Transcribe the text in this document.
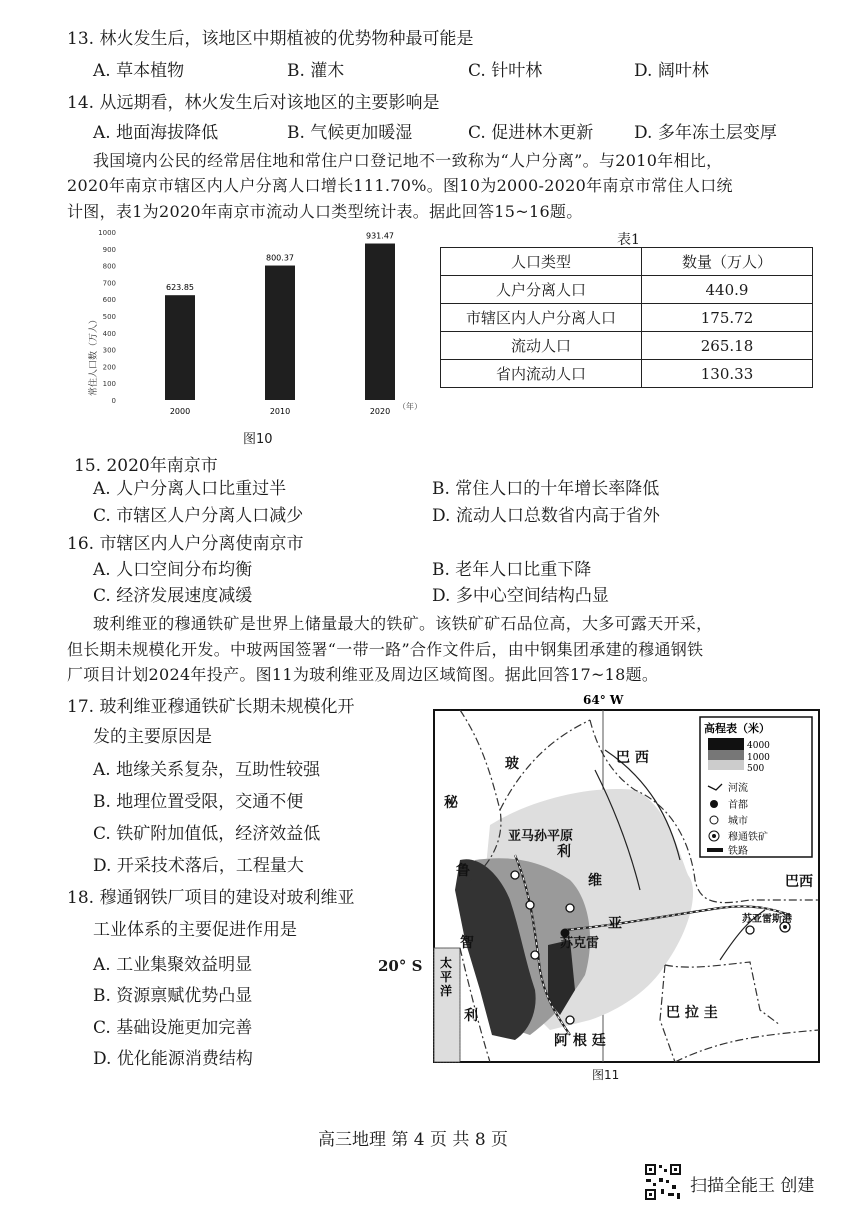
13. 林火发生后，该地区中期植被的优势物种最可能是
A. 草本植物	B. 灌木	C. 针叶林	D. 阔叶林
14. 从远期看，林火发生后对该地区的主要影响是
A. 地面海拔降低	B. 气候更加暖湿	C. 促进林木更新 D. 多年冻土层变厚
我国境内公民的经常居住地和常住户口登记地不一致称为“人户分离”。与2010年相比，
2020年南京市辖区内人户分离人口增长111.70%。图10为2000-2020年南京市常住人口统
计图，表1为2020年南京市流动人口类型统计表。据此回答15~16题。
0
100
200
300
400
500
600
700
800
900
1000
623.85
800.37
931.47
2000	2010	2020
（年）
常住人口数（万人）
图10
表1
人口类型	数量（万人）
人户分离人口	440.9
市辖区内人户分离人口	175.72
流动人口	265.18
省内流动人口	130.33
15. 2020年南京市
A. 人户分离人口比重过半	B. 常住人口的十年增长率降低
C. 市辖区人户分离人口减少	D. 流动人口总数省内高于省外
16. 市辖区内人户分离使南京市
A. 人口空间分布均衡	B. 老年人口比重下降
C. 经济发展速度减缓	D. 多中心空间结构凸显
玻利维亚的穆通铁矿是世界上储量最大的铁矿。该铁矿矿石品位高，大多可露天开采，
但长期未规模化开发。中玻两国签署“一带一路”合作文件后，由中钢集团承建的穆通钢铁
厂项目计划2024年投产。图11为玻利维亚及周边区域简图。据此回答17~18题。
17. 玻利维亚穆通铁矿长期未规模化开
发的主要原因是
A. 地缘关系复杂，互助性较强
B. 地理位置受限，交通不便
C. 铁矿附加值低，经济效益低
D. 开采技术落后，工程量大
18. 穆通钢铁厂项目的建设对玻利维亚
工业体系的主要促进作用是
A. 工业集聚效益明显
B. 资源禀赋优势凸显
C. 基础设施更加完善
D. 优化能源消费结构
64° W
高程表（米）
4000
1000
500
河流
首都
城市
穆通铁矿
铁路
秘
鲁
玻
利
维
亚
巴 西
巴西
智
利	巴 拉 圭
阿 根 廷
亚马孙平原
苏克雷
苏亚雷斯港
太
平
洋
20° S
图11
高三地理 第 4 页 共 8 页
扫描全能王 创建
